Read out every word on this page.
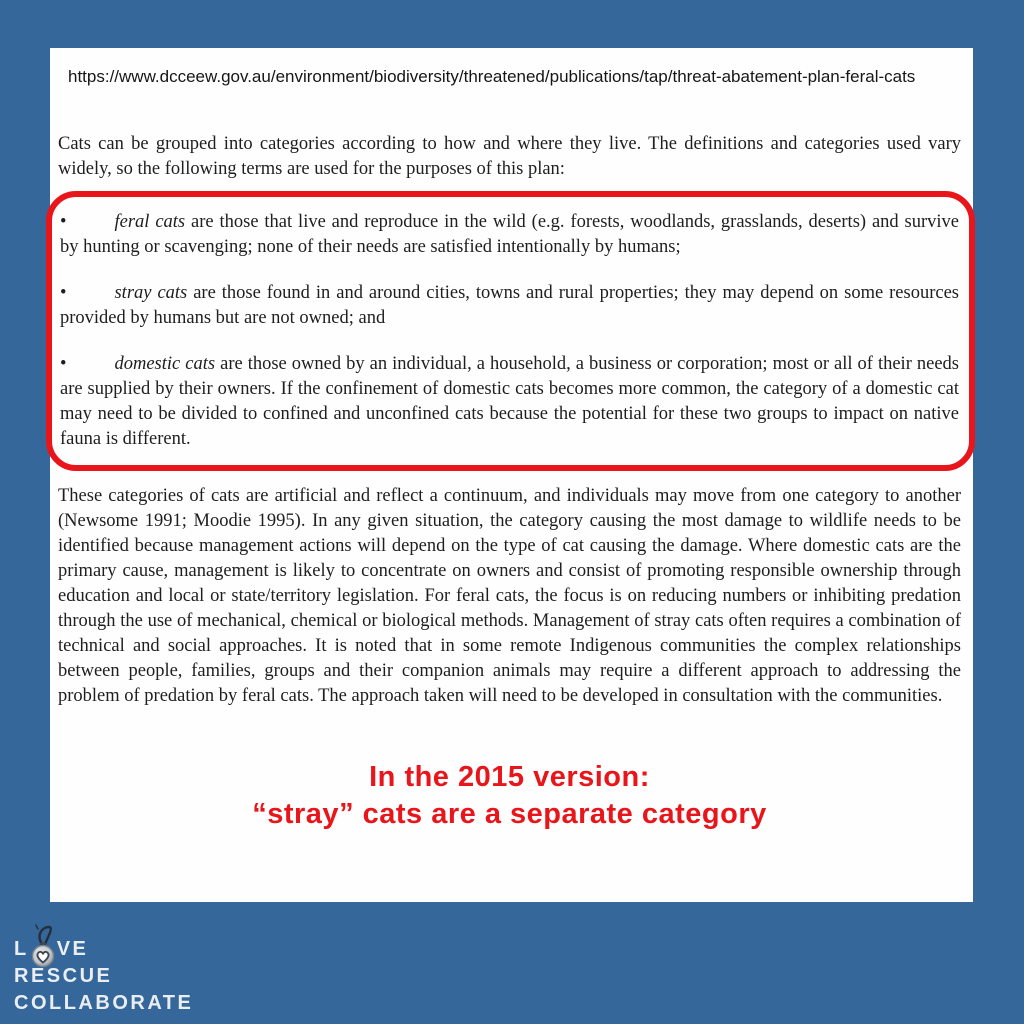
https://www.dcceew.gov.au/environment/biodiversity/threatened/publications/tap/threat-abatement-plan-feral-cats

Cats can be grouped into categories according to how and where they live. The definitions and categories used vary widely, so the following terms are used for the purposes of this plan:

•	feral cats are those that live and reproduce in the wild (e.g. forests, woodlands, grasslands, deserts) and survive by hunting or scavenging; none of their needs are satisfied intentionally by humans;

•	stray cats are those found in and around cities, towns and rural properties; they may depend on some resources provided by humans but are not owned; and

•	domestic cats are those owned by an individual, a household, a business or corporation; most or all of their needs are supplied by their owners. If the confinement of domestic cats becomes more common, the category of a domestic cat may need to be divided to confined and unconfined cats because the potential for these two groups to impact on native fauna is different.

These categories of cats are artificial and reflect a continuum, and individuals may move from one category to another (Newsome 1991; Moodie 1995). In any given situation, the category causing the most damage to wildlife needs to be identified because management actions will depend on the type of cat causing the damage. Where domestic cats are the primary cause, management is likely to concentrate on owners and consist of promoting responsible ownership through education and local or state/territory legislation. For feral cats, the focus is on reducing numbers or inhibiting predation through the use of mechanical, chemical or biological methods. Management of stray cats often requires a combination of technical and social approaches. It is noted that in some remote Indigenous communities the complex relationships between people, families, groups and their companion animals may require a different approach to addressing the problem of predation by feral cats. The approach taken will need to be developed in consultation with the communities.

In the 2015 version:
“stray” cats are a separate category
L VE
RESCUE
COLLABORATE
